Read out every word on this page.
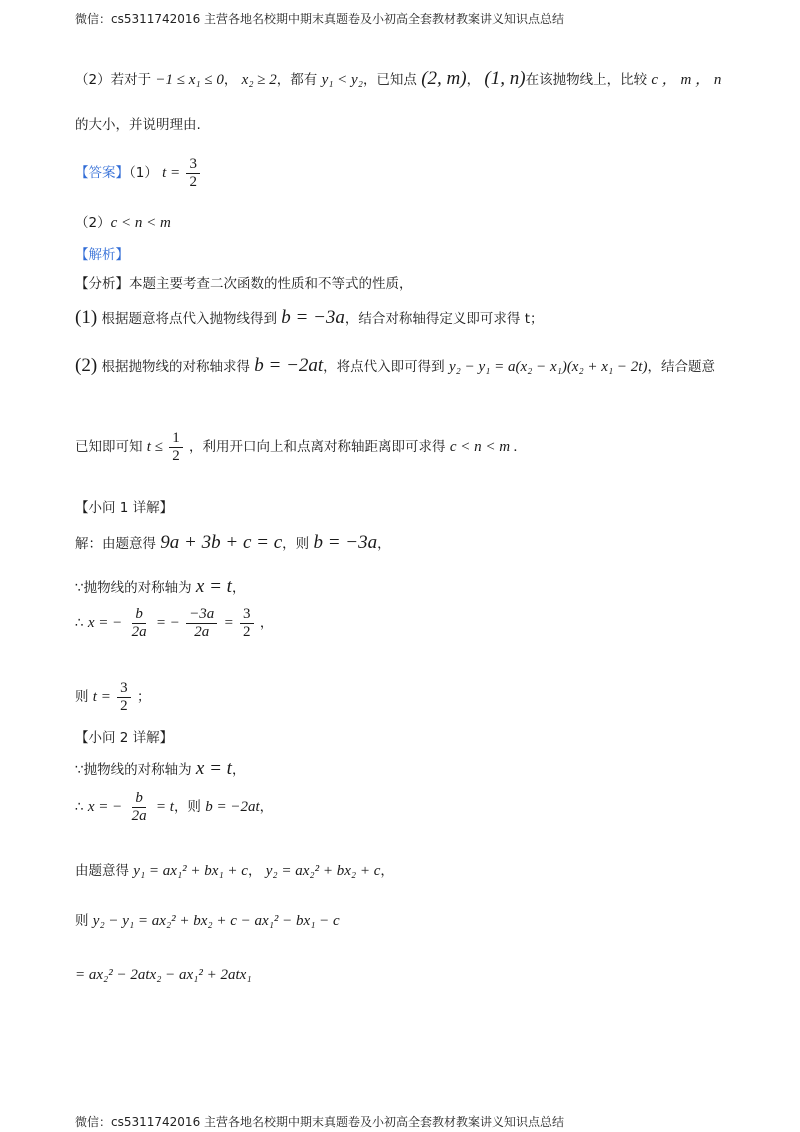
微信：cs5311742016 主营各地名校期中期末真题卷及小初高全套教材教案讲义知识点总结
（2）若对于 −1 ≤ x₁ ≤ 0， x₂ ≥ 2，都有 y₁ < y₂，已知点 (2, m)， (1, n)在该抛物线上，比较 c ， m ， n
的大小，并说明理由.
【答案】（1） $t = \frac{3}{2}$
（2）c < n < m
【解析】
【分析】本题主要考查二次函数的性质和不等式的性质，
(1) 根据题意将点代入抛物线得到 b = −3a，结合对称轴得定义即可求得 t；
(2) 根据抛物线的对称轴求得 b = −2at，将点代入即可得到 y₂ − y₁ = a(x₂ − x₁)(x₂ + x₁ − 2t)，结合题意
已知即可知 $t \le \frac{1}{2}$ ，利用开口向上和点离对称轴距离即可求得 c < n < m .
【小问 1 详解】
解：由题意得 9a + 3b + c = c，则 b = −3a，
∵抛物线的对称轴为 x = t，
∴ x = − $\frac{b}{2a}$ = − $\frac{-3a}{2a} = \frac{3}{2}$ ，
则 $t = \frac{3}{2}$ ；
【小问 2 详解】
∵抛物线的对称轴为 x = t，
∴ x = − $\frac{b}{2a} = t$，则 b = −2at，
由题意得 y₁ = ax₁² + bx₁ + c， y₂ = ax₂² + bx₂ + c，
则 y₂ − y₁ = ax₂² + bx₂ + c − ax₁² − bx₁ − c
= ax₂² − 2atx₂ − ax₁² + 2atx₁
微信：cs5311742016 主营各地名校期中期末真题卷及小初高全套教材教案讲义知识点总结
